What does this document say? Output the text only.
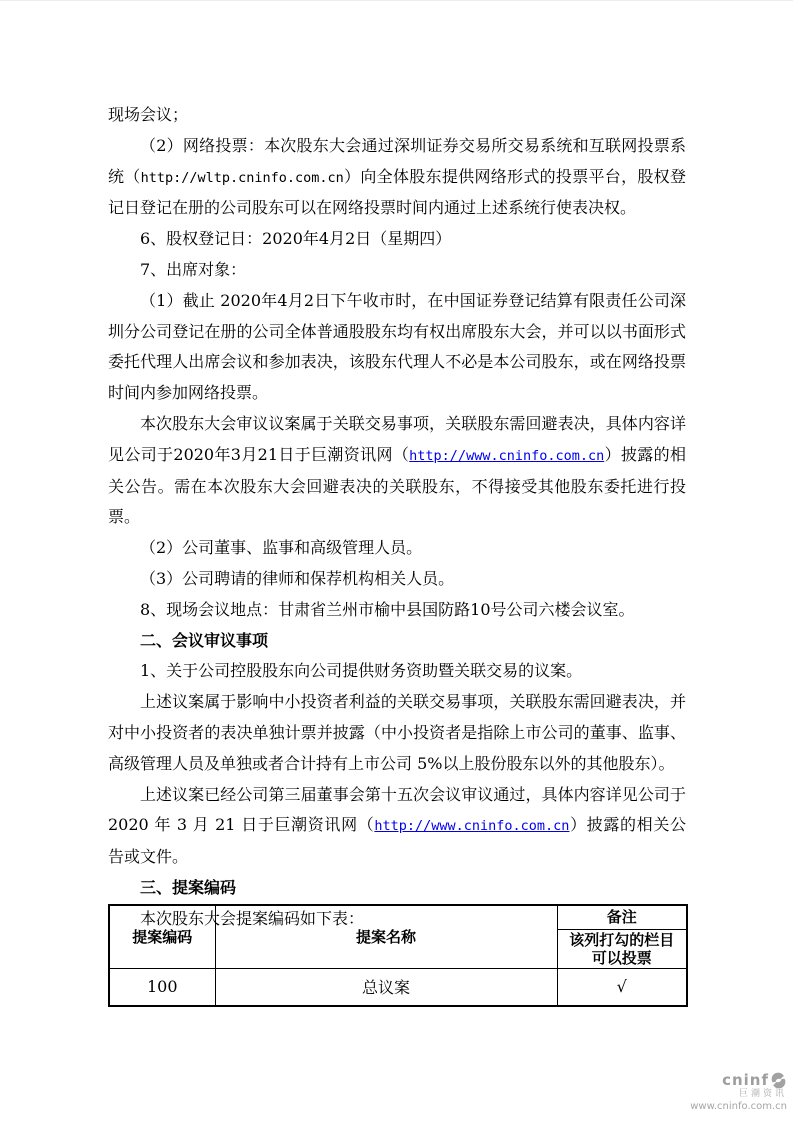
现场会议；

（2）网络投票：本次股东大会通过深圳证券交易所交易系统和互联网投票系统（http://wltp.cninfo.com.cn）向全体股东提供网络形式的投票平台，股权登记日登记在册的公司股东可以在网络投票时间内通过上述系统行使表决权。

6、股权登记日：2020年4月2日（星期四）

7、出席对象：

（1）截止 2020年4月2日下午收市时，在中国证券登记结算有限责任公司深圳分公司登记在册的公司全体普通股股东均有权出席股东大会，并可以以书面形式委托代理人出席会议和参加表决，该股东代理人不必是本公司股东，或在网络投票时间内参加网络投票。

本次股东大会审议议案属于关联交易事项，关联股东需回避表决，具体内容详见公司于2020年3月21日于巨潮资讯网（http://www.cninfo.com.cn）披露的相关公告。需在本次股东大会回避表决的关联股东，不得接受其他股东委托进行投票。

（2）公司董事、监事和高级管理人员。

（3）公司聘请的律师和保荐机构相关人员。

8、现场会议地点：甘肃省兰州市榆中县国防路10号公司六楼会议室。

二、会议审议事项

1、关于公司控股股东向公司提供财务资助暨关联交易的议案。

上述议案属于影响中小投资者利益的关联交易事项，关联股东需回避表决，并对中小投资者的表决单独计票并披露（中小投资者是指除上市公司的董事、监事、高级管理人员及单独或者合计持有上市公司 5%以上股份股东以外的其他股东）。

上述议案已经公司第三届董事会第十五次会议审议通过，具体内容详见公司于2020 年 3 月 21 日于巨潮资讯网（http://www.cninfo.com.cn）披露的相关公告或文件。

三、提案编码

本次股东大会提案编码如下表：

提案编码	提案名称	备注
		该列打勾的栏目可以投票
100	总议案	√
cninf
巨潮资讯
www.cninfo.com.cn
